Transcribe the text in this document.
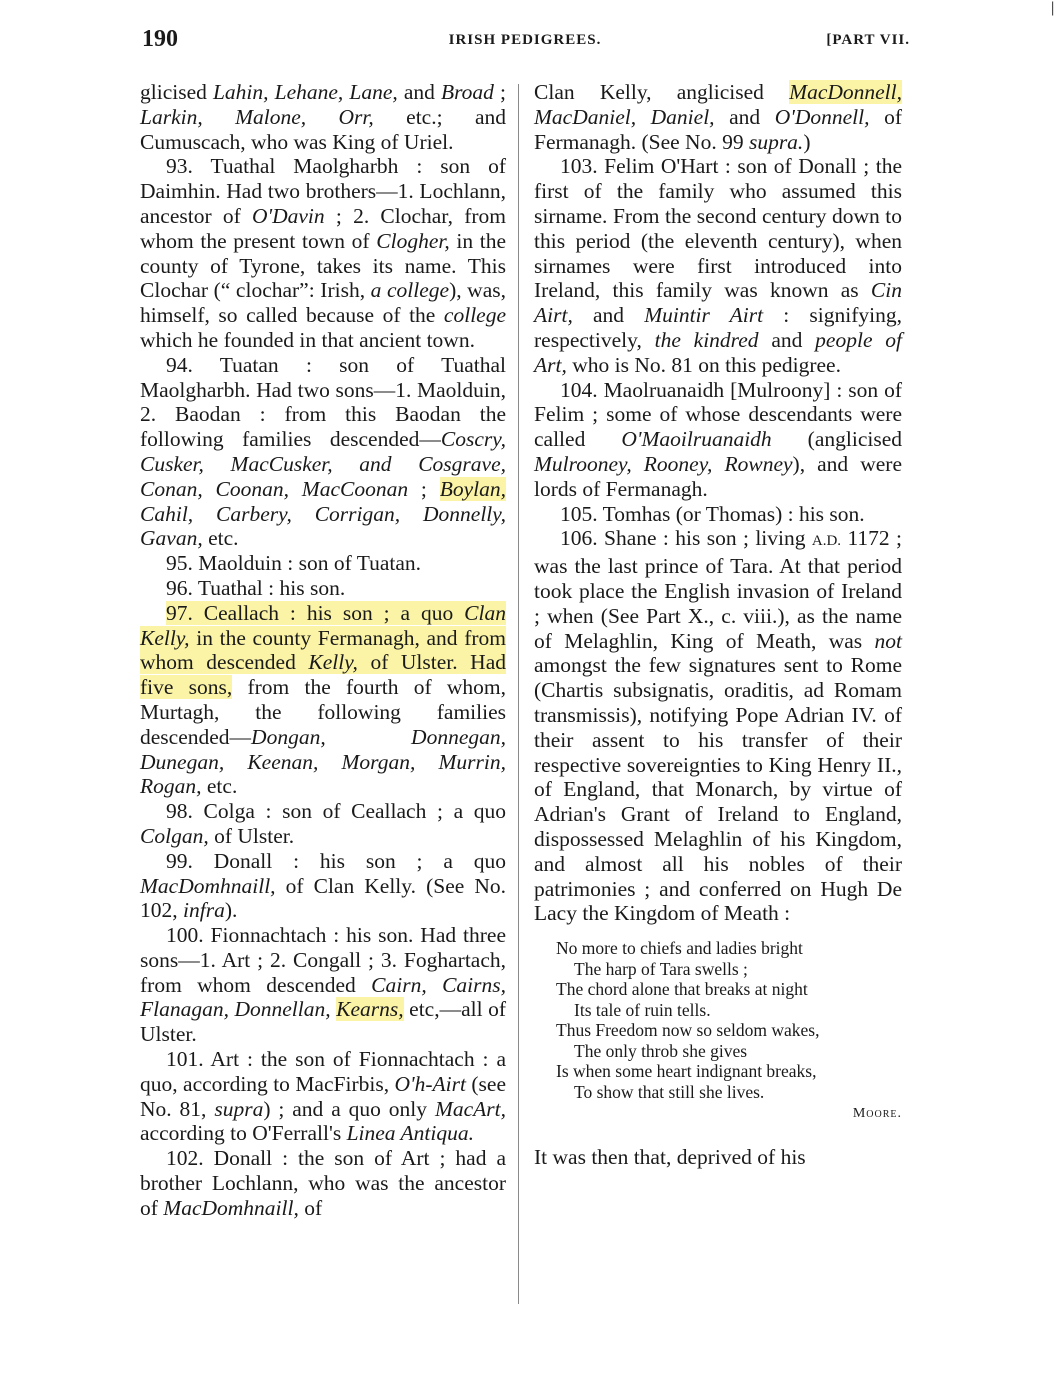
|
190	IRISH PEDIGREES.	[PART VII.

glicised Lahin, Lehane, Lane, and Broad ; Larkin, Malone, Orr, etc.; and Cumuscach, who was King of Uriel.

93. Tuathal Maolgharbh : son of Daimhin. Had two brothers—1. Lochlann, ancestor of O'Davin ; 2. Clochar, from whom the present town of Clogher, in the county of Tyrone, takes its name. This Clochar (“ clochar”: Irish, a college), was, himself, so called because of the college which he founded in that ancient town.

94. Tuatan : son of Tuathal Maolgharbh. Had two sons—1. Maolduin, 2. Baodan : from this Baodan the following families descended—Coscry, Cusker, MacCusker, and Cosgrave, Conan, Coonan, MacCoonan ; Boylan, Cahil, Carbery, Corrigan, Donnelly, Gavan, etc.

95. Maolduin : son of Tuatan.

96. Tuathal : his son.

97. Ceallach : his son ; a quo Clan Kelly, in the county Fermanagh, and from whom descended Kelly, of Ulster. Had five sons, from the fourth of whom, Murtagh, the following families descended—Dongan, Donnegan, Dunegan, Keenan, Morgan, Murrin, Rogan, etc.

98. Colga : son of Ceallach ; a quo Colgan, of Ulster.

99. Donall : his son ; a quo MacDomhnaill, of Clan Kelly. (See No. 102, infra).

100. Fionnachtach : his son. Had three sons—1. Art ; 2. Congall ; 3. Foghartach, from whom descended Cairn, Cairns, Flanagan, Donnellan, Kearns, etc,—all of Ulster.

101. Art : the son of Fionnachtach : a quo, according to MacFirbis, O'h-Airt (see No. 81, supra) ; and a quo only MacArt, according to O'Ferrall's Linea Antiqua.

102. Donall : the son of Art ; had a brother Lochlann, who was the ancestor of MacDomhnaill, of

Clan Kelly, anglicised MacDonnell, MacDaniel, Daniel, and O'Donnell, of Fermanagh. (See No. 99 supra.)

103. Felim O'Hart : son of Donall ; the first of the family who assumed this sirname. From the second century down to this period (the eleventh century), when sirnames were first introduced into Ireland, this family was known as Cin Airt, and Muintir Airt : signifying, respectively, the kindred and people of Art, who is No. 81 on this pedigree.

104. Maolruanaidh [Mulroony] : son of Felim ; some of whose descendants were called O'Maoilruanaidh (anglicised Mulrooney, Rooney, Rowney), and were lords of Fermanagh.

105. Tomhas (or Thomas) : his son.

106. Shane : his son ; living A.D. 1172 ; was the last prince of Tara. At that period took place the English invasion of Ireland ; when (See Part X., c. viii.), as the name of Melaghlin, King of Meath, was not amongst the few signatures sent to Rome (Chartis subsignatis, oraditis, ad Romam transmissis), notifying Pope Adrian IV. of their assent to his transfer of their respective sovereignties to King Henry II., of England, that Monarch, by virtue of Adrian's Grant of Ireland to England, dispossessed Melaghlin of his Kingdom, and almost all his nobles of their patrimonies ; and conferred on Hugh De Lacy the Kingdom of Meath :

No more to chiefs and ladies bright
The harp of Tara swells ;
The chord alone that breaks at night
Its tale of ruin tells.
Thus Freedom now so seldom wakes,
The only throb she gives
Is when some heart indignant breaks,
To show that still she lives.
Moore.

It was then that, deprived of his
